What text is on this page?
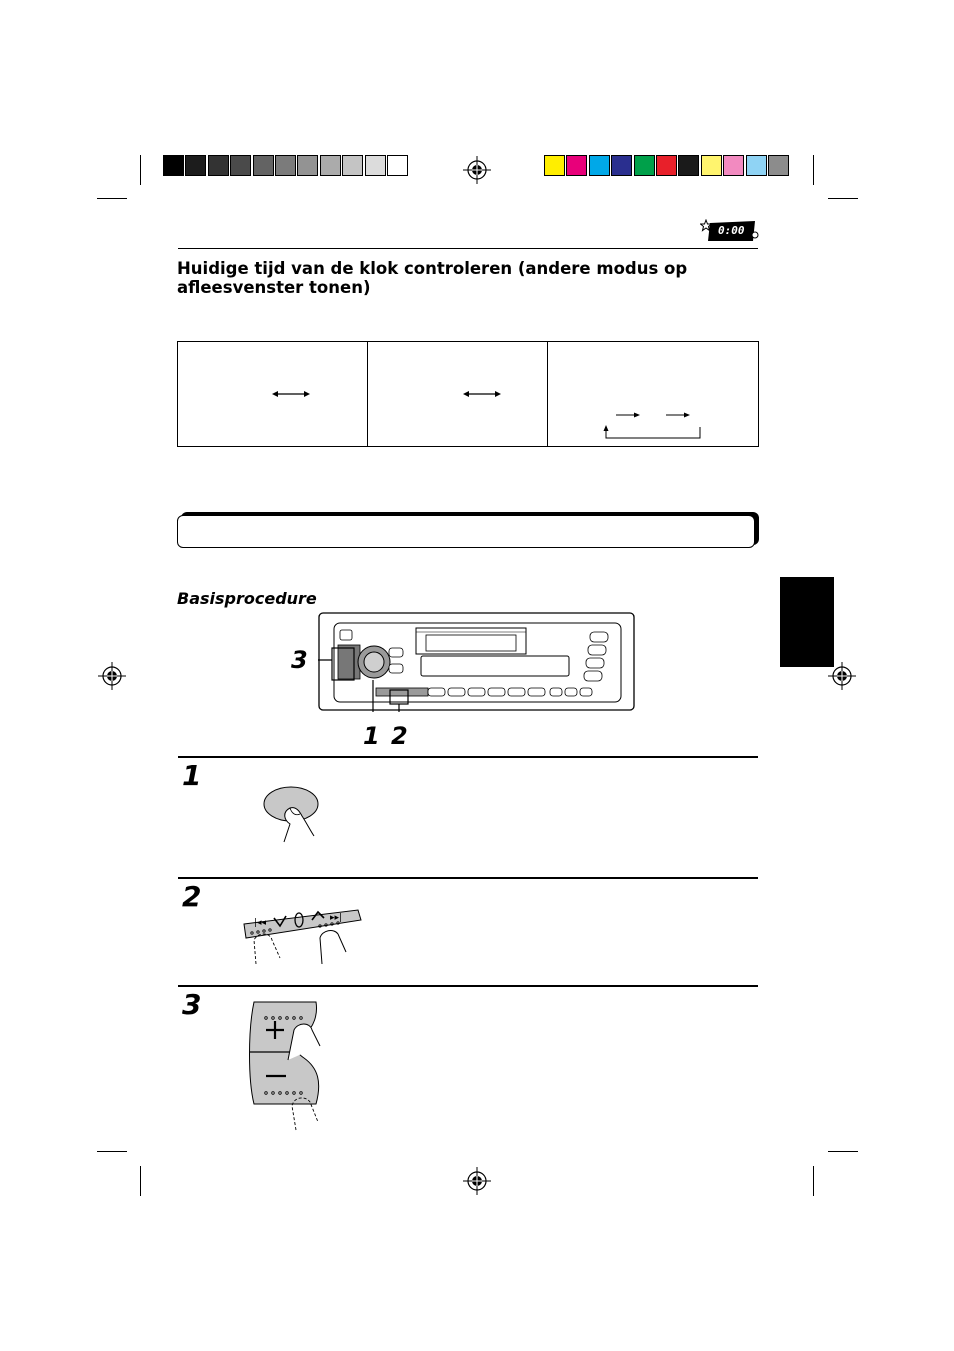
0:00
Huidige tijd van de klok controleren (andere modus op afleesvenster tonen)
Basisprocedure
3
1 2
1
2
|◂◂	▸▸|
3
